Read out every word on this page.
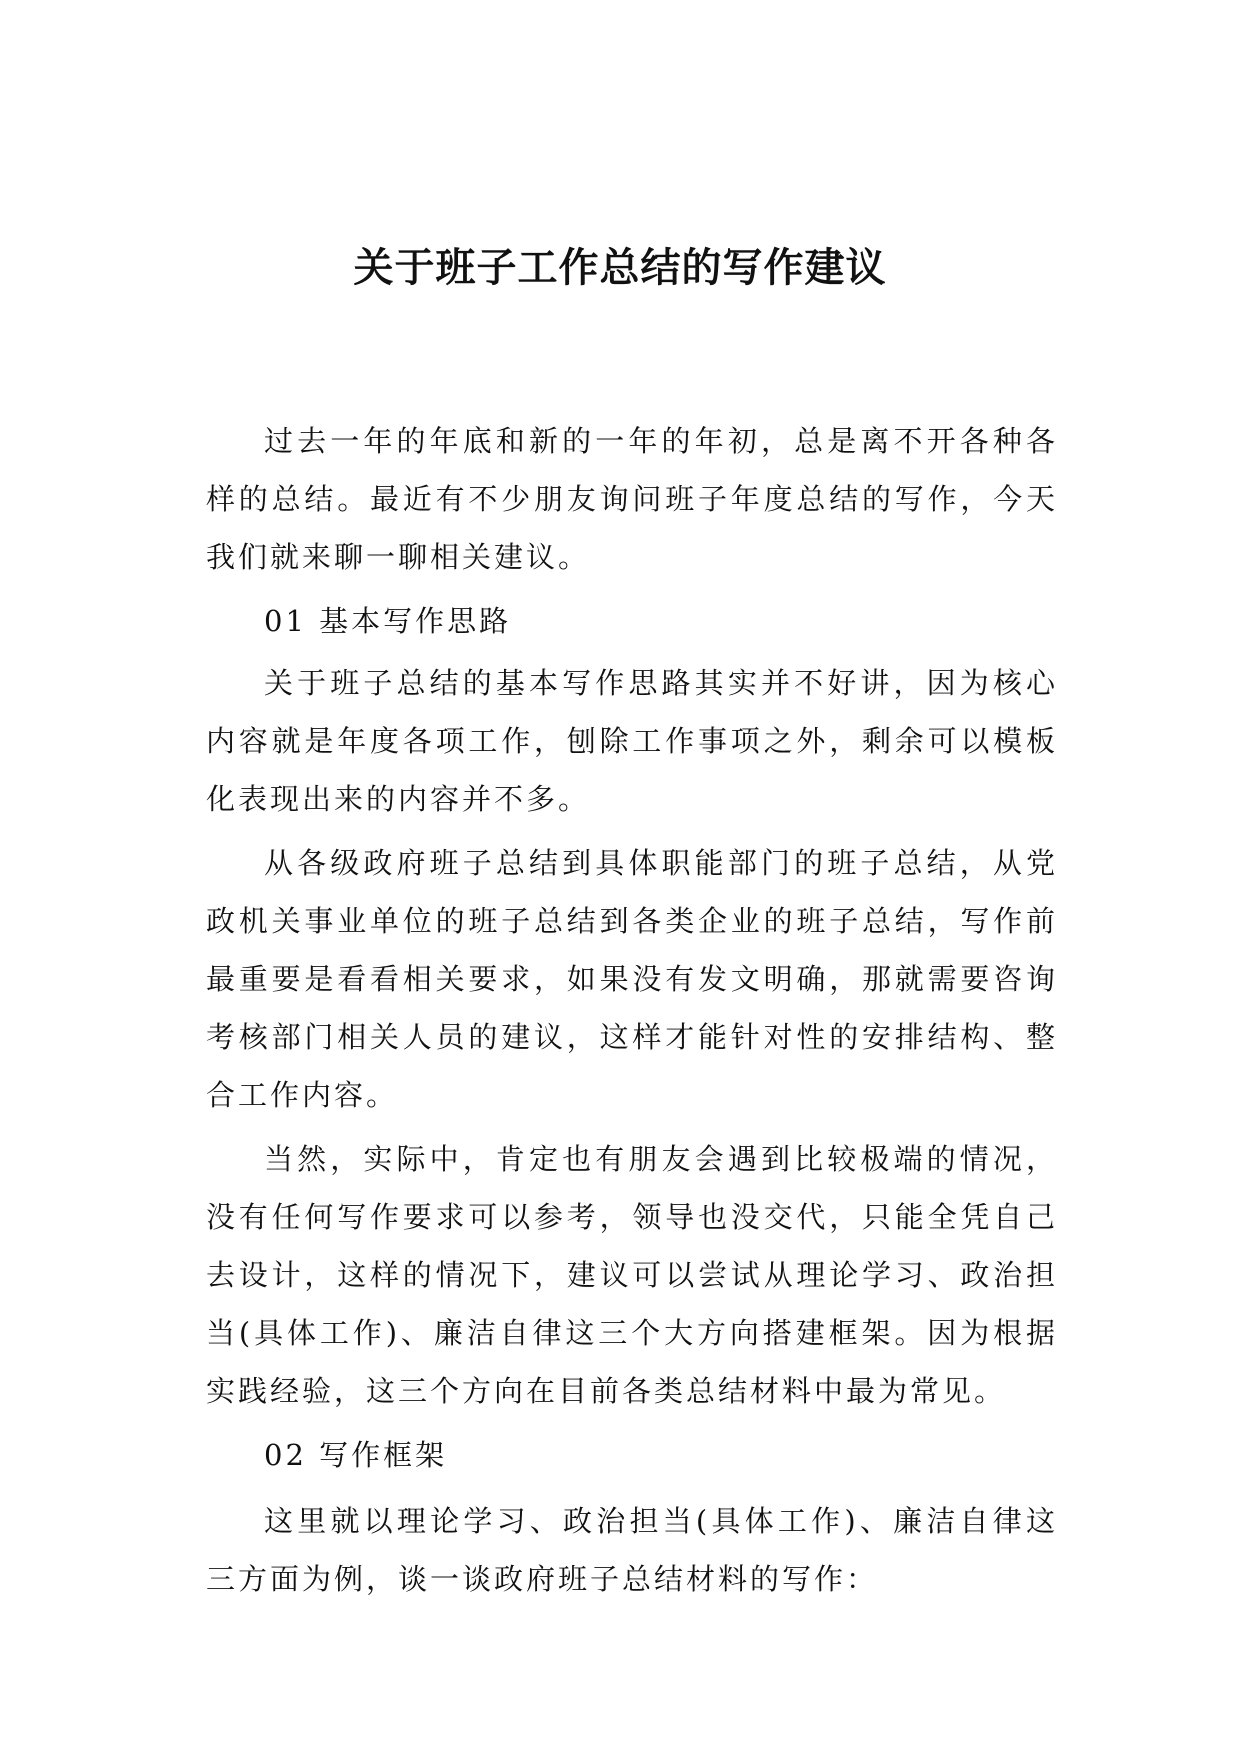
关于班子工作总结的写作建议

过去一年的年底和新的一年的年初，总是离不开各种各样的总结。最近有不少朋友询问班子年度总结的写作，今天我们就来聊一聊相关建议。

01 基本写作思路

关于班子总结的基本写作思路其实并不好讲，因为核心内容就是年度各项工作，刨除工作事项之外，剩余可以模板化表现出来的内容并不多。

从各级政府班子总结到具体职能部门的班子总结，从党政机关事业单位的班子总结到各类企业的班子总结，写作前最重要是看看相关要求，如果没有发文明确，那就需要咨询考核部门相关人员的建议，这样才能针对性的安排结构、整合工作内容。

当然，实际中，肯定也有朋友会遇到比较极端的情况，没有任何写作要求可以参考，领导也没交代，只能全凭自己去设计，这样的情况下，建议可以尝试从理论学习、政治担当(具体工作)、廉洁自律这三个大方向搭建框架。因为根据实践经验，这三个方向在目前各类总结材料中最为常见。

02 写作框架

这里就以理论学习、政治担当(具体工作)、廉洁自律这三方面为例，谈一谈政府班子总结材料的写作：
